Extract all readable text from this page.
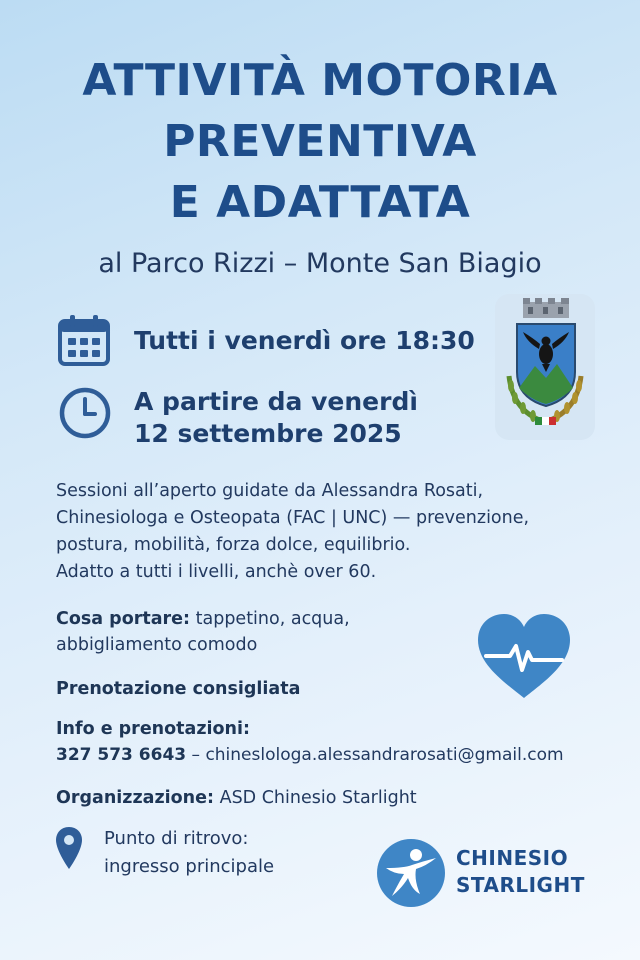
ATTIVITÀ MOTORIA
PREVENTIVA
E ADATTATA
al Parco Rizzi – Monte San Biagio
Tutti i venerdì ore 18:30
A partire da venerdì
12 settembre 2025
Sessioni all’aperto guidate da Alessandra Rosati,
Chinesiologa e Osteopata (FAC | UNC) — prevenzione,
postura, mobilità, forza dolce, equilibrio.
Adatto a tutti i livelli, anchè over 60.
Cosa portare: tappetino, acqua,
abbigliamento comodo
Prenotazione consigliata
Info e prenotazioni:
327 573 6643 – chineslologa.alessandrarosati@gmail.com
Organizzazione: ASD Chinesio Starlight
Punto di ritrovo:
ingresso principale	CHINESIO
STARLIGHT
